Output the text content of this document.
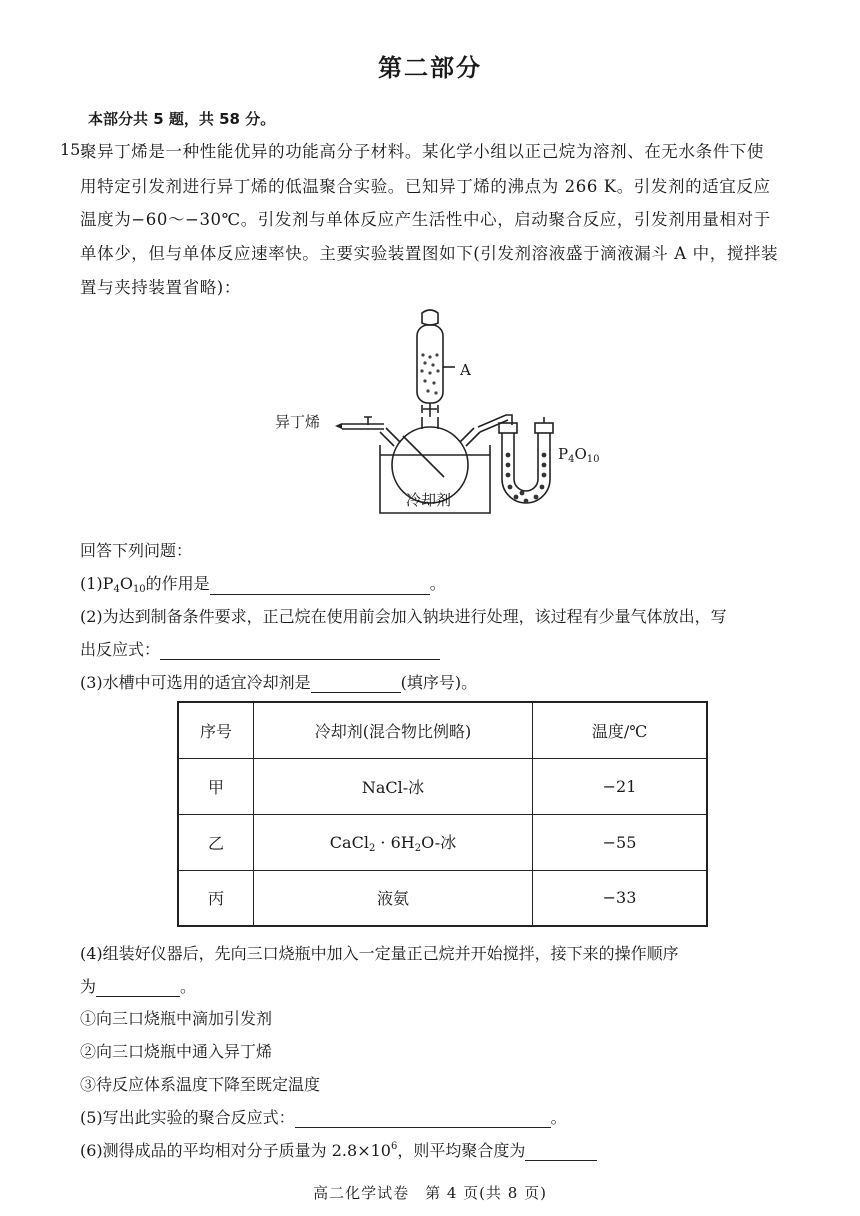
第二部分
本部分共 5 题，共 58 分。
15.
聚异丁烯是一种性能优异的功能高分子材料。某化学小组以正己烷为溶剂、在无水条件下使
用特定引发剂进行异丁烯的低温聚合实验。已知异丁烯的沸点为 266 K。引发剂的适宜反应
温度为−60～−30℃。引发剂与单体反应产生活性中心，启动聚合反应，引发剂用量相对于
单体少，但与单体反应速率快。主要实验装置图如下(引发剂溶液盛于滴液漏斗 A 中，搅拌装
置与夹持装置省略)：
A
异丁烯
冷却剂
$P_4O_{10}$
回答下列问题：
$(1)P_4O_{10}$的作用是	。
(2)为达到制备条件要求，正己烷在使用前会加入钠块进行处理，该过程有少量气体放出，写
出反应式：
(3)水槽中可选用的适宜冷却剂是	(填序号)。
序号	冷却剂(混合物比例略)	温度/℃
甲	NaCl-冰	−21
乙	CaCl$_2$ · $6H_2O-$冰	−55
丙	液氨	−33
(4)组装好仪器后，先向三口烧瓶中加入一定量正己烷并开始搅拌，接下来的操作顺序
为	。
①向三口烧瓶中滴加引发剂
②向三口烧瓶中通入异丁烯
③待反应体系温度下降至既定温度
(5)写出此实验的聚合反应式：	。
(6)测得成品的平均相对分子质量为 $2.8\times 10^6$，则平均聚合度为
高二化学试卷　第 4 页(共 8 页)
